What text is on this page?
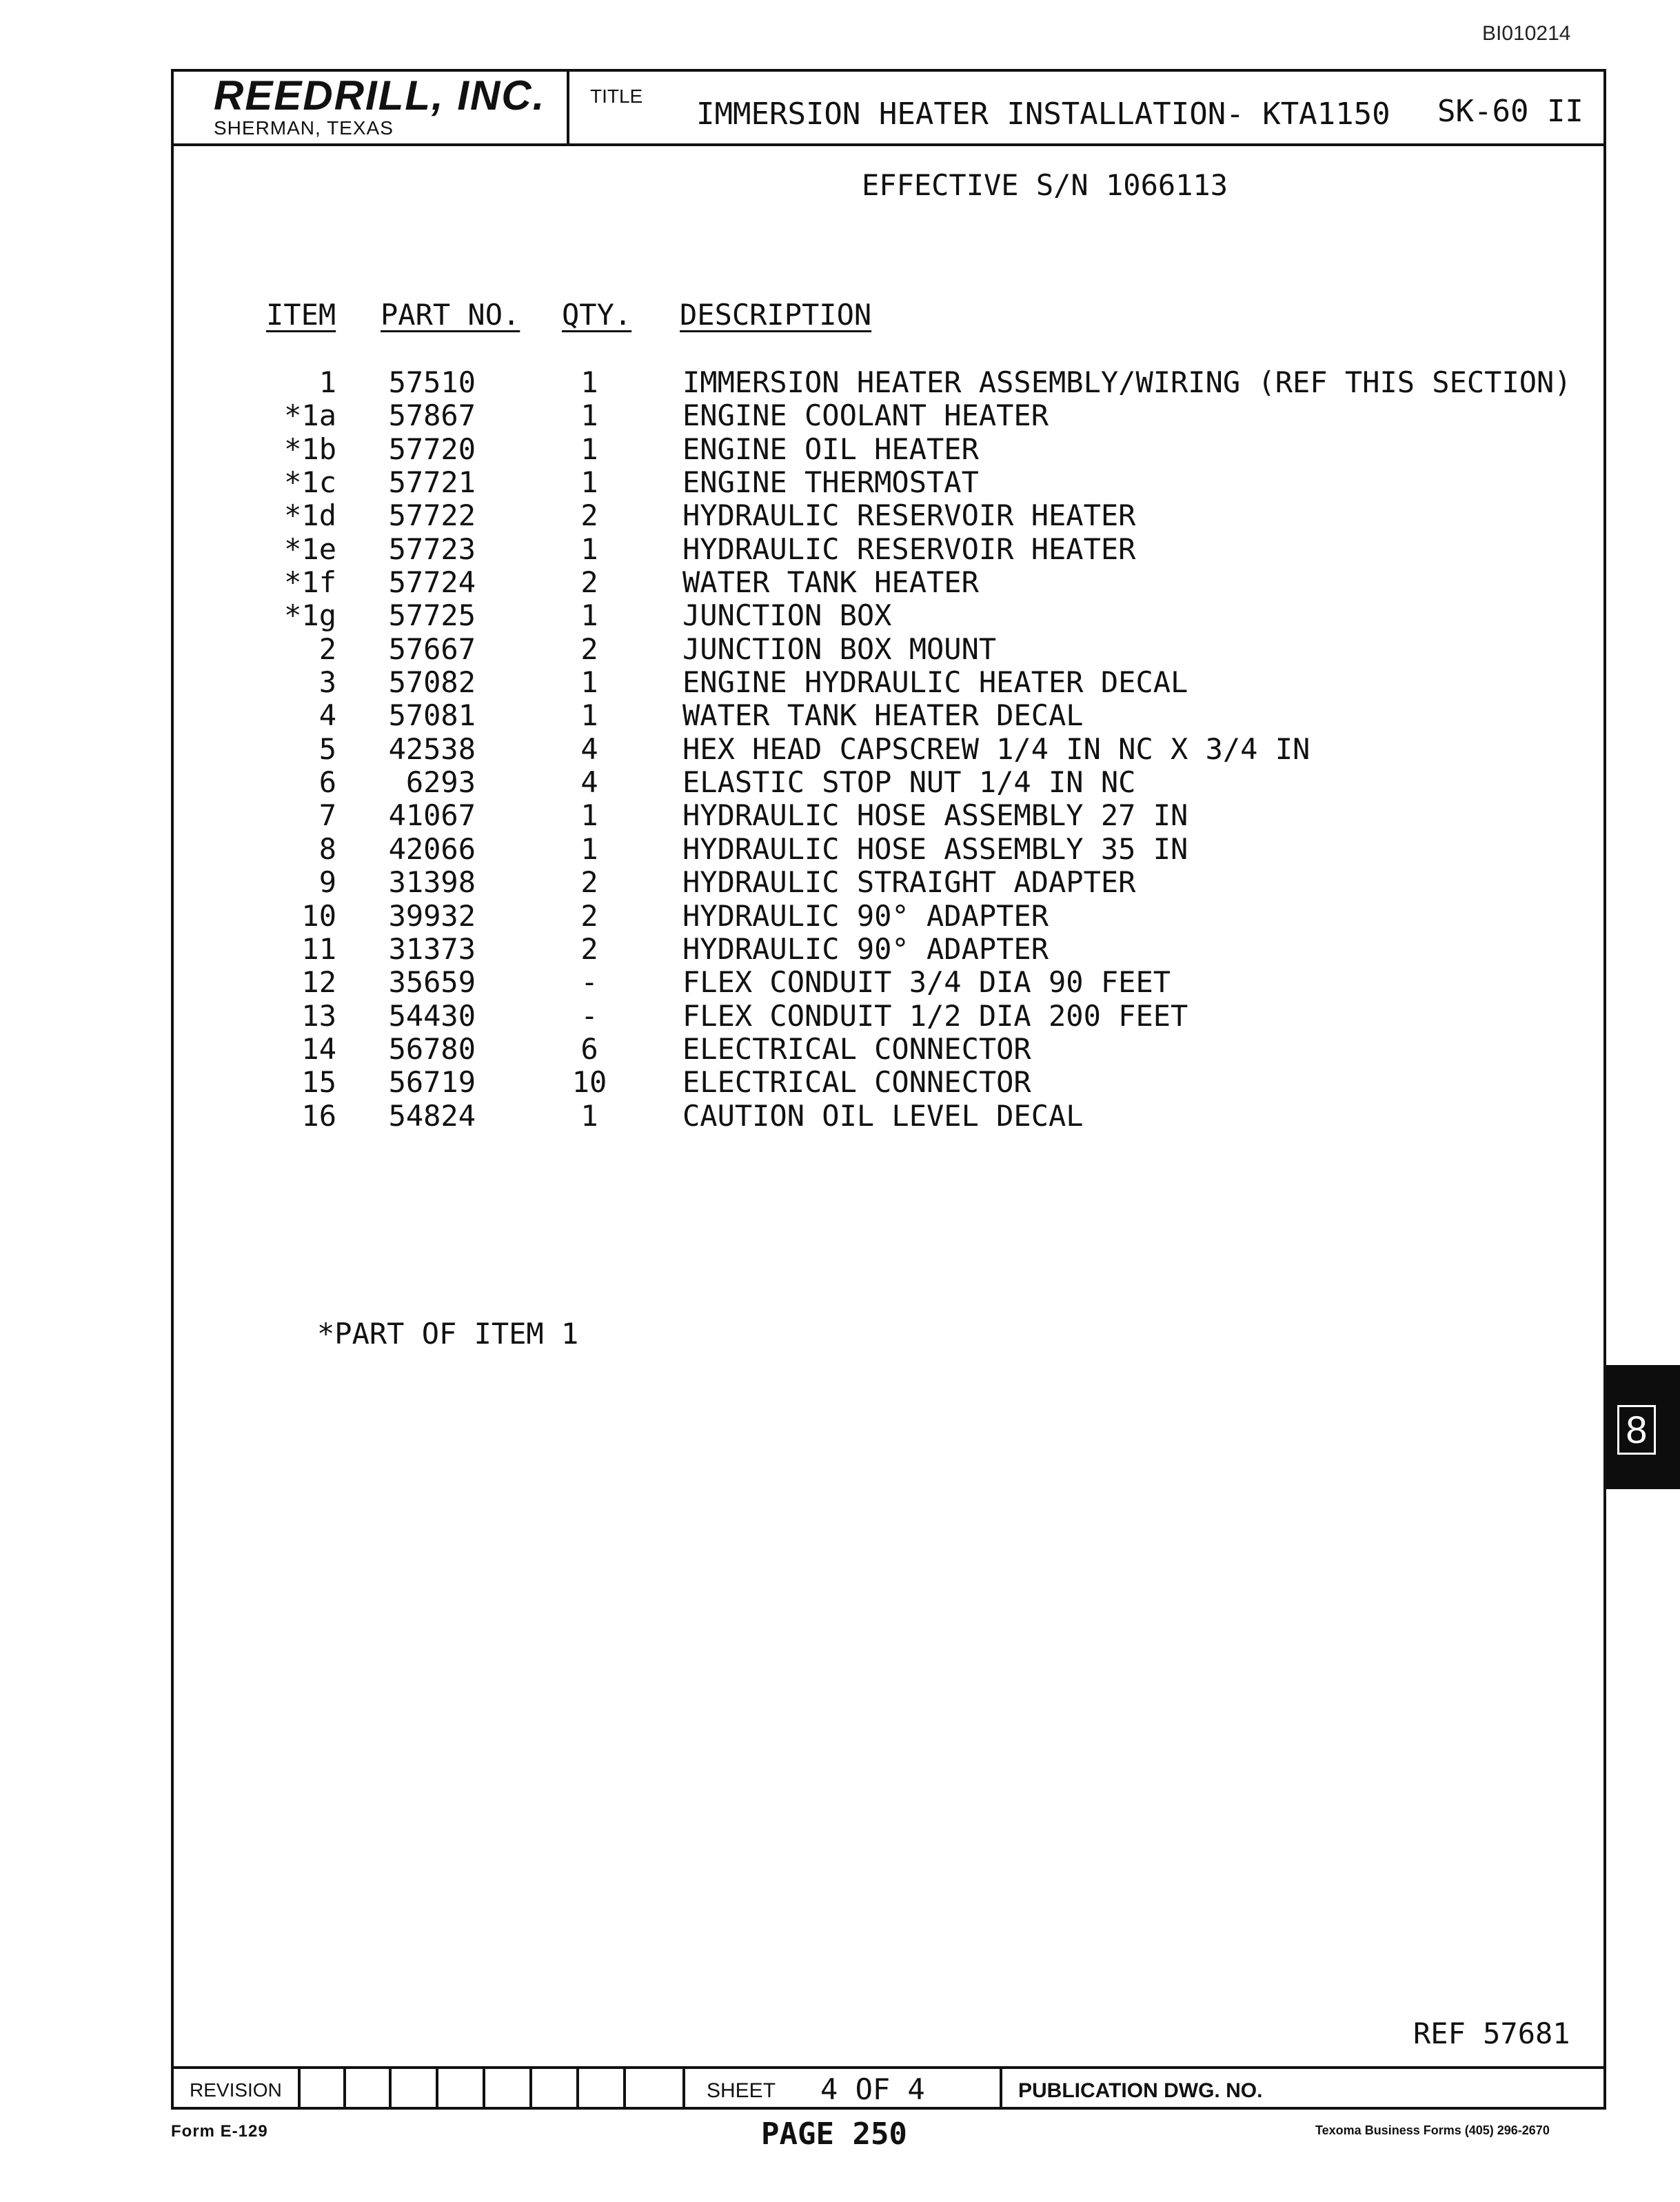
BI010214
REEDRILL, INC.
SHERMAN, TEXAS
TITLE
IMMERSION HEATER INSTALLATION- KTA1150 SK-60 II
EFFECTIVE S/N 1066113
ITEM PART NO. QTY. DESCRIPTION
1	57510	1	IMMERSION HEATER ASSEMBLY/WIRING (REF THIS SECTION)
*1a	57867	1	ENGINE COOLANT HEATER
*1b	57720	1	ENGINE OIL HEATER
*1c	57721	1	ENGINE THERMOSTAT
*1d	57722	2	HYDRAULIC RESERVOIR HEATER
*1e	57723	1	HYDRAULIC RESERVOIR HEATER
*1f	57724	2	WATER TANK HEATER
*1g	57725	1	JUNCTION BOX
2	57667	2	JUNCTION BOX MOUNT
3	57082	1	ENGINE HYDRAULIC HEATER DECAL
4	57081	1	WATER TANK HEATER DECAL
5	42538	4	HEX HEAD CAPSCREW 1/4 IN NC X 3/4 IN
6	6293	4	ELASTIC STOP NUT 1/4 IN NC
7	41067	1	HYDRAULIC HOSE ASSEMBLY 27 IN
8	42066	1	HYDRAULIC HOSE ASSEMBLY 35 IN
9	31398	2	HYDRAULIC STRAIGHT ADAPTER
10	39932	2	HYDRAULIC 90° ADAPTER
11	31373	2	HYDRAULIC 90° ADAPTER
12	35659	-	FLEX CONDUIT 3/4 DIA 90 FEET
13	54430	-	FLEX CONDUIT 1/2 DIA 200 FEET
14	56780	6	ELECTRICAL CONNECTOR
15	56719	10	ELECTRICAL CONNECTOR
16	54824	1	CAUTION OIL LEVEL DECAL
*PART OF ITEM 1
8
REF 57681
REVISION	SHEET 4 OF 4	PUBLICATION DWG. NO.
Form E-129	PAGE 250	Texoma Business Forms (405) 296-2670
